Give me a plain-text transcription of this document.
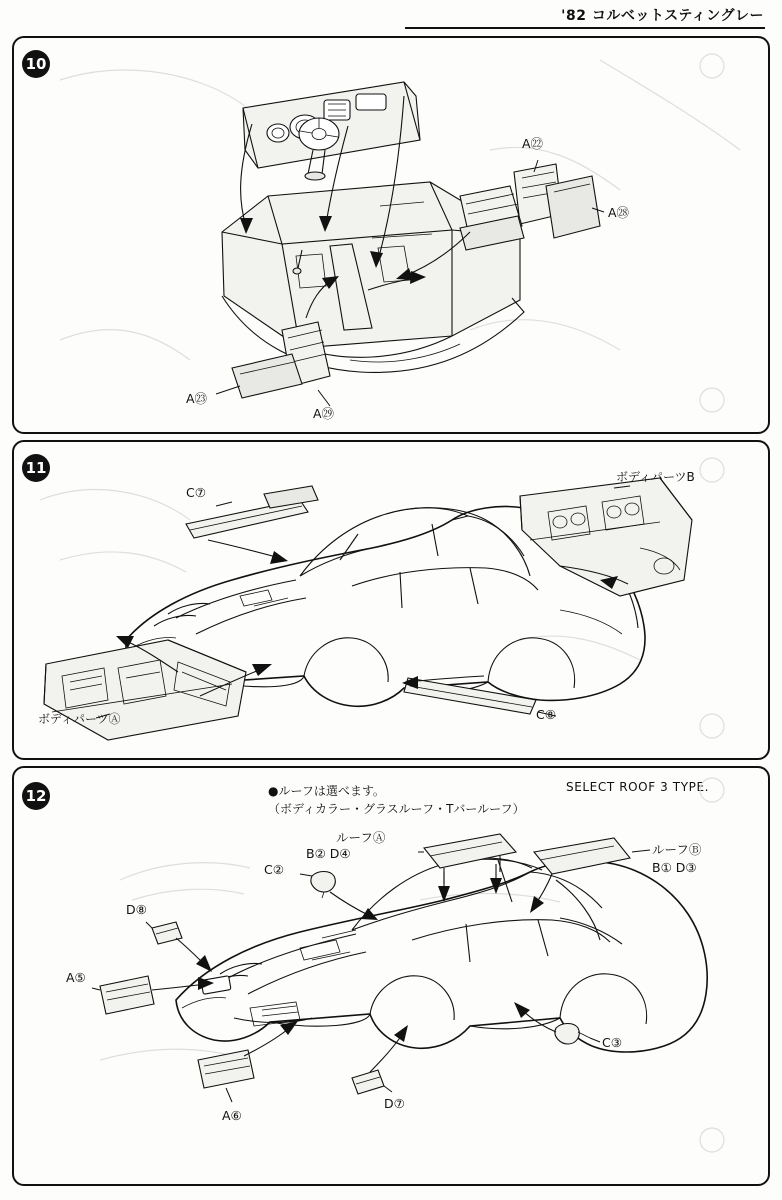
'82 コルベットスティングレー
10
A㉒
A㉘
A㉓
A㉙
11
C⑦
C⑧
ボディパーツB
ボディパーツⒶ
12	●ルーフは選べます。
（ボディカラー・グラスルーフ・Tバールーフ）
SELECT ROOF 3 TYPE.
ルーフⒶ
B② D④	ルーフⒷ
B① D③
C②
C③
D⑧
D⑦
A⑤
A⑥
